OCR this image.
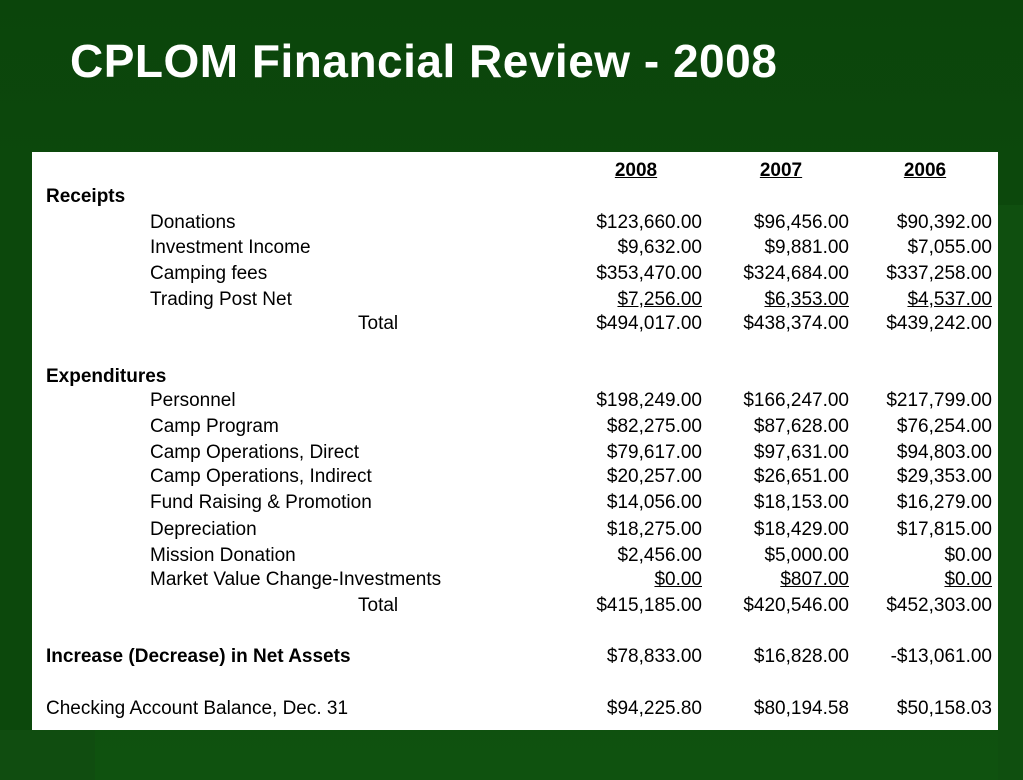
CPLOM Financial Review - 2008
2008	2007	2006
Receipts
Donations	$123,660.00	$96,456.00	$90,392.00
Investment Income	$9,632.00	$9,881.00	$7,055.00
Camping fees	$353,470.00	$324,684.00	$337,258.00
Trading Post Net	$7,256.00	$6,353.00	$4,537.00
Total	$494,017.00	$438,374.00	$439,242.00
Expenditures
Personnel	$198,249.00	$166,247.00	$217,799.00
Camp Program	$82,275.00	$87,628.00	$76,254.00
Camp Operations, Direct	$79,617.00	$97,631.00	$94,803.00
Camp Operations, Indirect	$20,257.00	$26,651.00	$29,353.00
Fund Raising & Promotion	$14,056.00	$18,153.00	$16,279.00
Depreciation	$18,275.00	$18,429.00	$17,815.00
Mission Donation	$2,456.00	$5,000.00	$0.00
Market Value Change-Investments	$0.00	$807.00	$0.00
Total	$415,185.00	$420,546.00	$452,303.00
Increase (Decrease) in Net Assets	$78,833.00	$16,828.00	-$13,061.00
Checking Account Balance, Dec. 31	$94,225.80	$80,194.58	$50,158.03
